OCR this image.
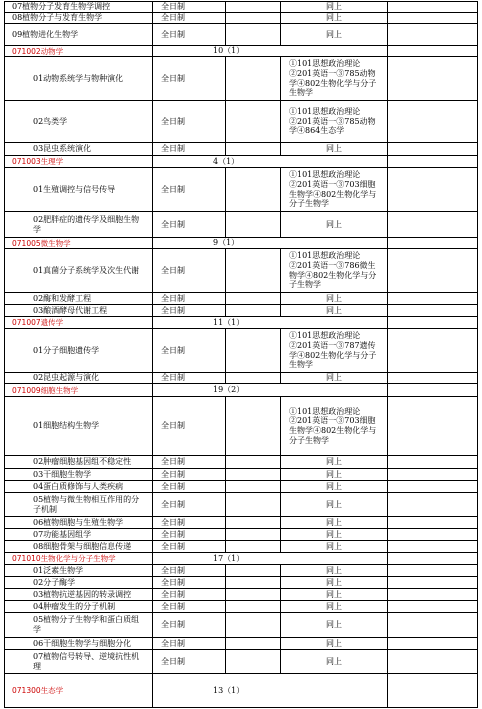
07植物分子发育生物学调控	全日制		同上	
08植物分子与发育生物学	全日制		同上	
09植物进化生物学	全日制		同上	
071002动物学	10（1）			
01动物系统学与物种演化	全日制		①101思想政治理论②201英语一③785动物学④802生物化学与分子生物学	
02鸟类学	全日制		①101思想政治理论②201英语一③785动物学④864生态学	
03昆虫系统演化	全日制		同上	
071003生理学	4（1）			
01生殖调控与信号传导	全日制		①101思想政治理论②201英语一③703细胞生物学④802生物化学与分子生物学	
02肥胖症的遗传学及细胞生物学	全日制		同上	
071005微生物学	9（1）			
01真菌分子系统学及次生代谢	全日制		①101思想政治理论②201英语一③786微生物学④802生物化学与分子生物学	
02酶和发酵工程	全日制		同上	
03酿酒酵母代谢工程	全日制		同上	
071007遗传学	11（1）			
01分子细胞遗传学	全日制		①101思想政治理论②201英语一③787遗传学④802生物化学与分子生物学	
02昆虫起源与演化	全日制		同上	
071009细胞生物学	19（2）			
01细胞结构生物学	全日制		①101思想政治理论②201英语一③703细胞生物学④802生物化学与分子生物学	
02肿瘤细胞基因组不稳定性	全日制		同上	
03干细胞生物学	全日制		同上	
04蛋白质修饰与人类疾病	全日制		同上	
05植物与微生物相互作用的分子机制	全日制		同上	
06植物细胞与生殖生物学	全日制		同上	
07功能基因组学	全日制		同上	
08细胞骨架与细胞信息传递	全日制		同上	
071010生物化学与分子生物学	17（1）			
01泛素生物学	全日制		同上	
02分子酶学	全日制		同上	
03植物抗逆基因的转录调控	全日制		同上	
04肿瘤发生的分子机制	全日制		同上	
05植物分子生物学和蛋白质组学	全日制		同上	
06干细胞生物学与细胞分化	全日制		同上	
07植物信号转导、逆境抗性机理	全日制		同上	
071300生态学	13（1）			
